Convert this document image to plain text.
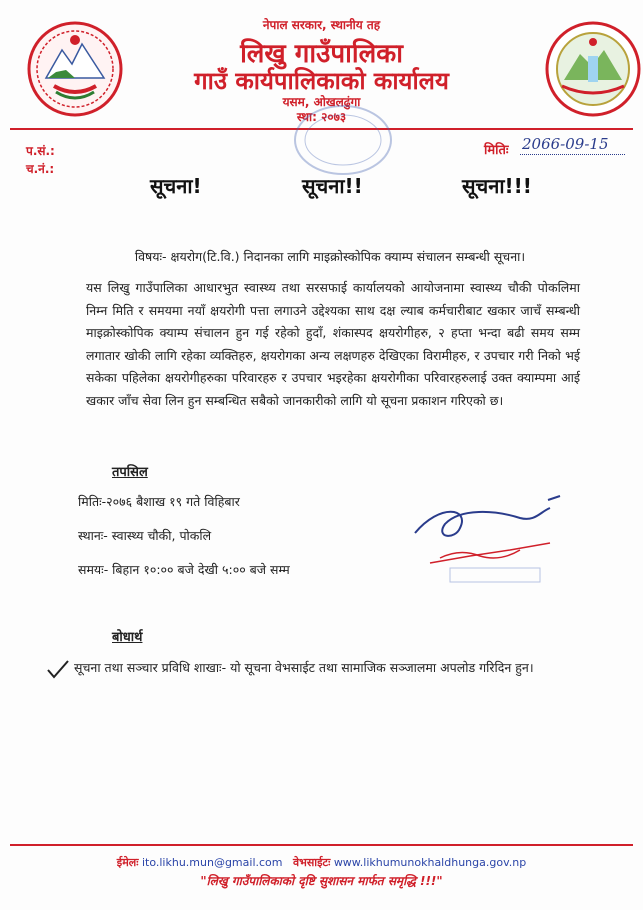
नेपाल सरकार, स्थानीय तह
लिखु गाउँपालिका
गाउँ कार्यपालिकाको कार्यालय
यसम, ओखलढुंगा
स्था: २०७३
प.सं.:
च.नं.:
मितिः 2066-09-15
सूचना!	सूचना!!	सूचना!!!
विषयः- क्षयरोग(टि.वि.) निदानका लागि माइक्रोस्कोपिक क्याम्प संचालन सम्बन्धी सूचना।
यस लिखु गाउँपालिका आधारभुत स्वास्थ्य तथा सरसफाई कार्यालयको आयोजनामा स्वास्थ्य चौकी पोकलिमा निम्न मिति र समयमा नयाँ क्षयरोगी पत्ता लगाउने उद्देश्यका साथ दक्ष ल्याब कर्मचारीबाट खकार जाचँ सम्बन्धी माइक्रोस्कोपिक क्याम्प संचालन हुन गई रहेको हुदाँ, शंकास्पद क्षयरोगीहरु, २ हप्ता भन्दा बढी समय सम्म लगातार खोकी लागि रहेका व्यक्तिहरु, क्षयरोगका अन्य लक्षणहरु देखिएका विरामीहरु, र उपचार गरी निको भई सकेका पहिलेका क्षयरोगीहरुका परिवारहरु र उपचार भइरहेका क्षयरोगीका परिवारहरुलाई उक्त क्याम्पमा आई खकार जाँच सेवा लिन हुन सम्बन्धित सबैको जानकारीको लागि यो सूचना प्रकाशन गरिएको छ।
तपसिल
मितिः-२०७६ बैशाख १९ गते विहिबार
स्थानः- स्वास्थ्य चौकी, पोकलि
समयः- बिहान १०:०० बजे देखी ५:०० बजे सम्म
बोधार्थ
सूचना तथा सञ्चार प्रविधि शाखाः- यो सूचना वेभसाईट तथा सामाजिक सञ्जालमा अपलोड गरिदिन हुन।
ईमेलः ito.likhu.mun@gmail.com वेभसाईटः www.likhumunokhaldhunga.gov.np
"लिखु गाउँपालिकाको दृष्टि सुशासन मार्फत समृद्धि !!!"
